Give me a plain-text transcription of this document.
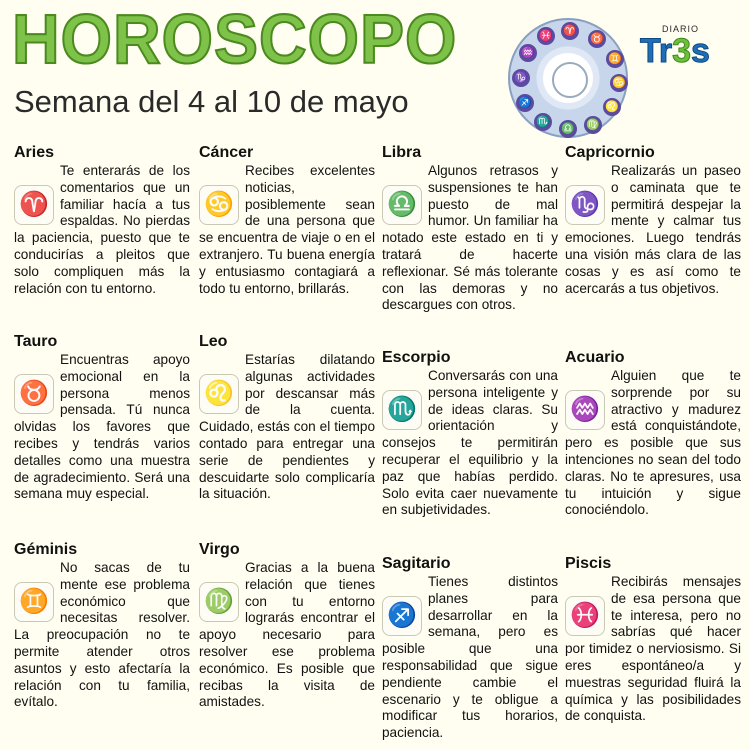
HOROSCOPO
Semana del 4 al 10 de mayo
♈
♉
♊
♋
♌
♍
♎
♏
♐
♑
♒
♓
DIARIO
Tr3s
Aries
♈

Te enterarás de los comentarios que un familiar hacía a tus espaldas. No pierdas la paciencia, puesto que te conducirías a pleitos que solo compliquen más la relación con tu entorno.

Cáncer
♋

Recibes excelentes noticias, posiblemente sean de una persona que se encuentra de viaje o en el extranjero. Tu buena energía y entusiasmo contagiará a todo tu entorno, brillarás.

Libra
♎

Algunos retrasos y suspensiones te han puesto de mal humor. Un familiar ha notado este estado en ti y tratará de hacerte reflexionar. Sé más tolerante con las demoras y no descargues con otros.

Capricornio
♑

Realizarás un paseo o caminata que te permitirá despejar la mente y calmar tus emociones. Luego tendrás una visión más clara de las cosas y es así como te acercarás a tus objetivos.

Tauro
♉

Encuentras apoyo emocional en la persona menos pensada. Tú nunca olvidas los favores que recibes y tendrás varios detalles como una muestra de agradecimiento. Será una semana muy especial.

Leo
♌

Estarías dilatando algunas actividades por descansar más de la cuenta. Cuidado, estás con el tiempo contado para entregar una serie de pendientes y descuidarte solo complicaría la situación.

Escorpio
♏

Conversarás con una persona inteligente y de ideas claras. Su orientación y consejos te permitirán recuperar el equilibrio y la paz que habías perdido. Solo evita caer nuevamente en subjetividades.

Acuario
♒

Alguien que te sorprende por su atractivo y madurez está conquistándote, pero es posible que sus intenciones no sean del todo claras. No te apresures, usa tu intuición y sigue conociéndolo.

Géminis
♊

No sacas de tu mente ese problema económico que necesitas resolver. La preocupación no te permite atender otros asuntos y esto afectaría la relación con tu familia, evítalo.

Virgo
♍

Gracias a la buena relación que tienes con tu entorno lograrás encontrar el apoyo necesario para resolver ese problema económico. Es posible que recibas la visita de amistades.

Sagitario
♐

Tienes distintos planes para desarrollar en la semana, pero es posible que una responsabilidad que sigue pendiente cambie el escenario y te obligue a modificar tus horarios, paciencia.

Piscis
♓

Recibirás mensajes de esa persona que te interesa, pero no sabrías qué hacer por timidez o nerviosismo. Si eres espontáneo/a y muestras seguridad fluirá la química y las posibilidades de conquista.
